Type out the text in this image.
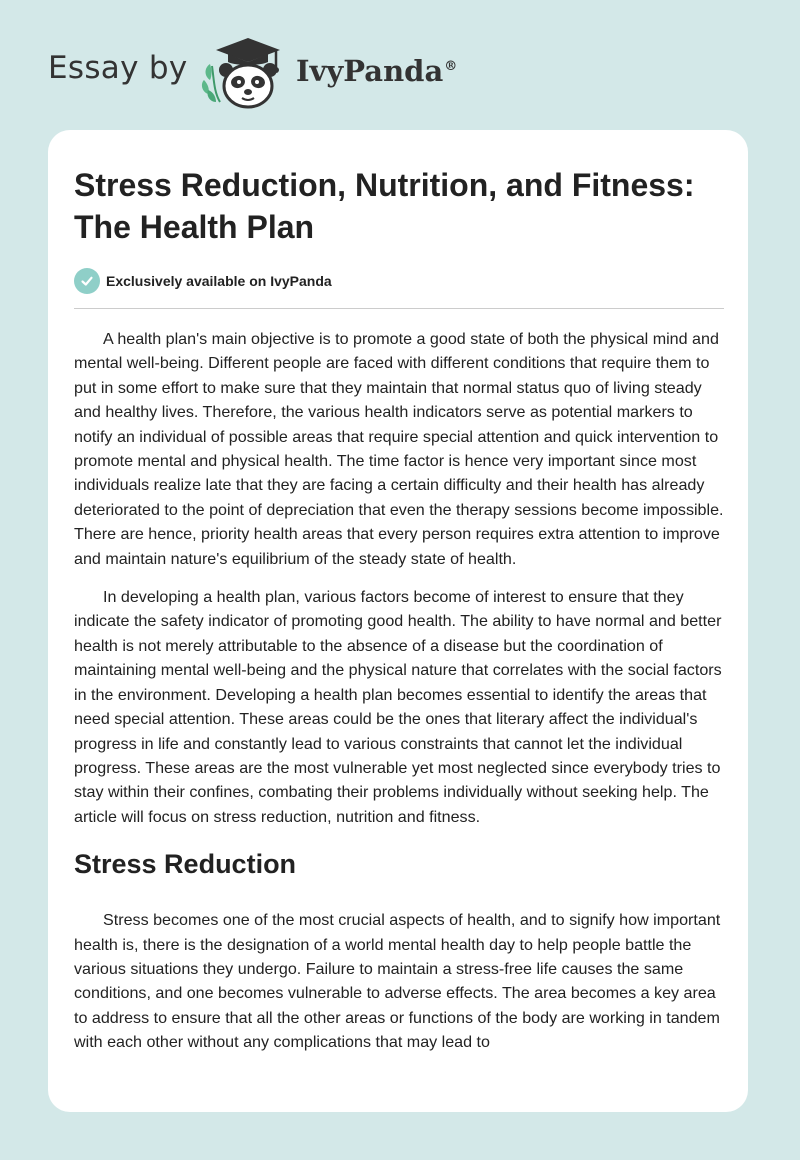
Essay by	IvyPanda®
Stress Reduction, Nutrition, and Fitness: The Health Plan
Exclusively available on IvyPanda

A health plan's main objective is to promote a good state of both the physical mind and mental well-being. Different people are faced with different conditions that require them to put in some effort to make sure that they maintain that normal status quo of living steady and healthy lives. Therefore, the various health indicators serve as potential markers to notify an individual of possible areas that require special attention and quick intervention to promote mental and physical health. The time factor is hence very important since most individuals realize late that they are facing a certain difficulty and their health has already deteriorated to the point of depreciation that even the therapy sessions become impossible. There are hence, priority health areas that every person requires extra attention to improve and maintain nature's equilibrium of the steady state of health.

In developing a health plan, various factors become of interest to ensure that they indicate the safety indicator of promoting good health. The ability to have normal and better health is not merely attributable to the absence of a disease but the coordination of maintaining mental well-being and the physical nature that correlates with the social factors in the environment. Developing a health plan becomes essential to identify the areas that need special attention. These areas could be the ones that literary affect the individual's progress in life and constantly lead to various constraints that cannot let the individual progress. These areas are the most vulnerable yet most neglected since everybody tries to stay within their confines, combating their problems individually without seeking help. The article will focus on stress reduction, nutrition and fitness.

Stress Reduction

Stress becomes one of the most crucial aspects of health, and to signify how important health is, there is the designation of a world mental health day to help people battle the various situations they undergo. Failure to maintain a stress-free life causes the same conditions, and one becomes vulnerable to adverse effects. The area becomes a key area to address to ensure that all the other areas or functions of the body are working in tandem with each other without any complications that may lead to
